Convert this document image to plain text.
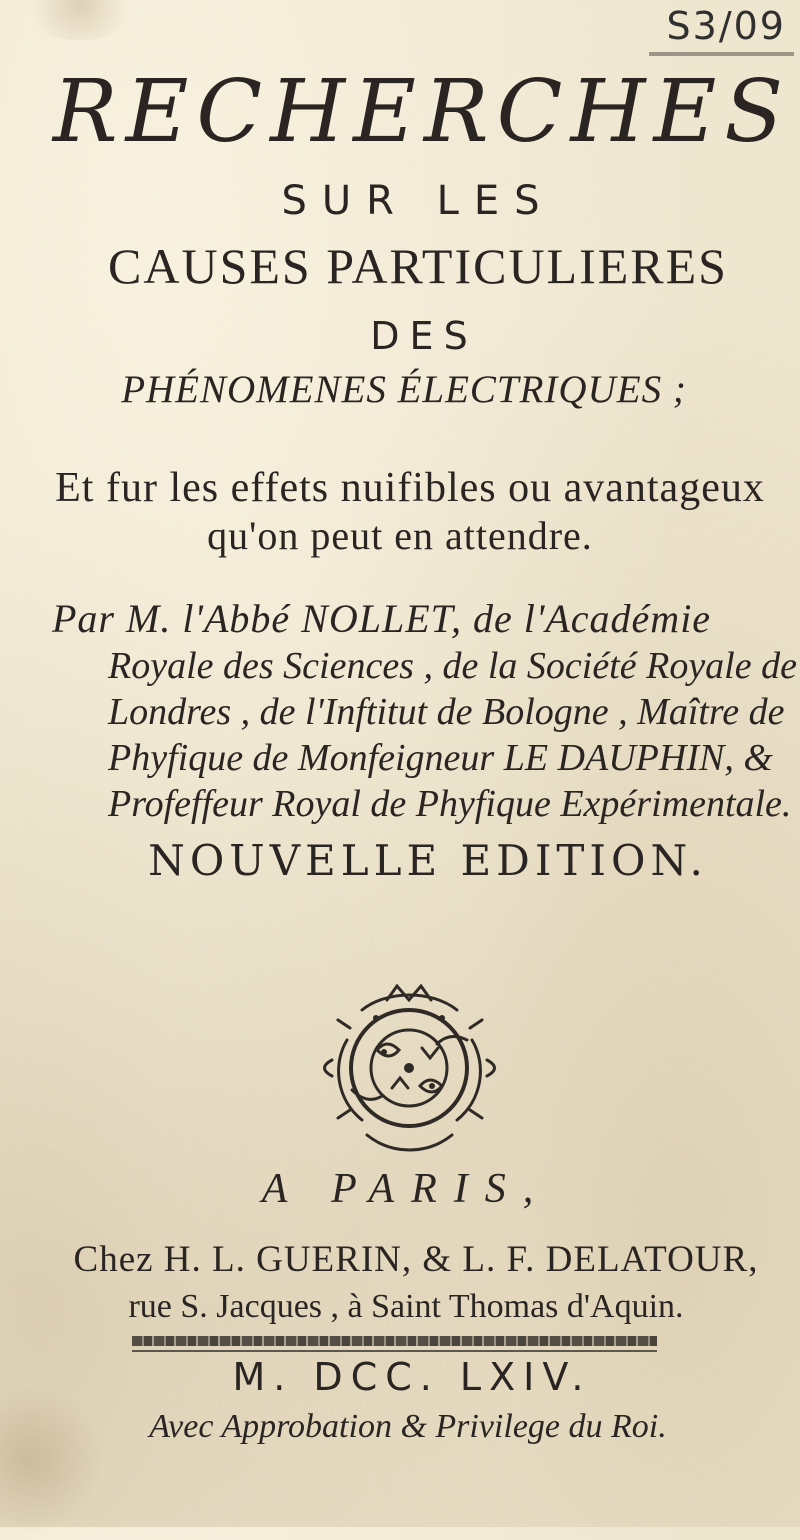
S3/09
RECHERCHES
SUR LES
CAUSES PARTICULIERES
DES
PHÉNOMENES ÉLECTRIQUES ;
Et fur les effets nuifibles ou avantageux
qu'on peut en attendre.
Par M. l'Abbé NOLLET, de l'Académie
Royale des Sciences , de la Société Royale de
Londres , de l'Inftitut de Bologne , Maître de
Phyfique de Monfeigneur LE DAUPHIN, &
Profeffeur Royal de Phyfique Expérimentale.
NOUVELLE EDITION.
A PARIS,
Chez H. L. GUERIN, & L. F. DELATOUR,
rue S. Jacques , à Saint Thomas d'Aquin.
M. DCC. LXIV.
Avec Approbation & Privilege du Roi.
